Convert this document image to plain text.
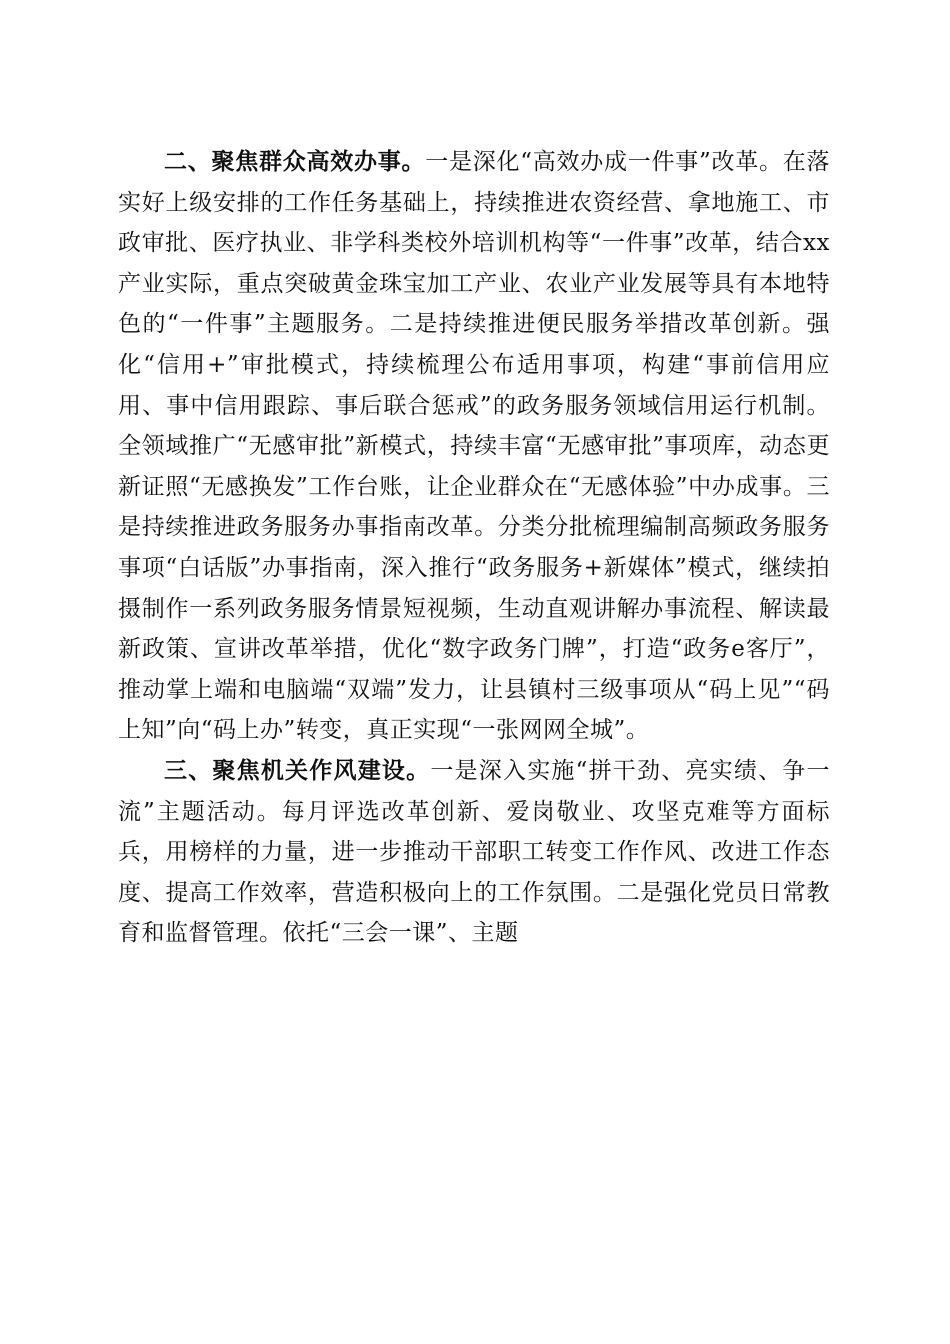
二、聚焦群众高效办事。一是深化“高效办成一件事”改革。在落实好上级安排的工作任务基础上，持续推进农资经营、拿地施工、市政审批、医疗执业、非学科类校外培训机构等“一件事”改革，结合xx产业实际，重点突破黄金珠宝加工产业、农业产业发展等具有本地特色的“一件事”主题服务。二是持续推进便民服务举措改革创新。强化“信用+”审批模式，持续梳理公布适用事项，构建“事前信用应用、事中信用跟踪、事后联合惩戒”的政务服务领域信用运行机制。全领域推广“无感审批”新模式，持续丰富“无感审批”事项库，动态更新证照“无感换发”工作台账，让企业群众在“无感体验”中办成事。三是持续推进政务服务办事指南改革。分类分批梳理编制高频政务服务事项“白话版”办事指南，深入推行“政务服务+新媒体”模式，继续拍摄制作一系列政务服务情景短视频，生动直观讲解办事流程、解读最新政策、宣讲改革举措，优化“数字政务门牌”，打造“政务e客厅”，推动掌上端和电脑端“双端”发力，让县镇村三级事项从“码上见”“码上知”向“码上办”转变，真正实现“一张网网全城”。

三、聚焦机关作风建设。一是深入实施“拼干劲、亮实绩、争一流”主题活动。每月评选改革创新、爱岗敬业、攻坚克难等方面标兵，用榜样的力量，进一步推动干部职工转变工作作风、改进工作态度、提高工作效率，营造积极向上的工作氛围。二是强化党员日常教育和监督管理。依托“三会一课”、主题
